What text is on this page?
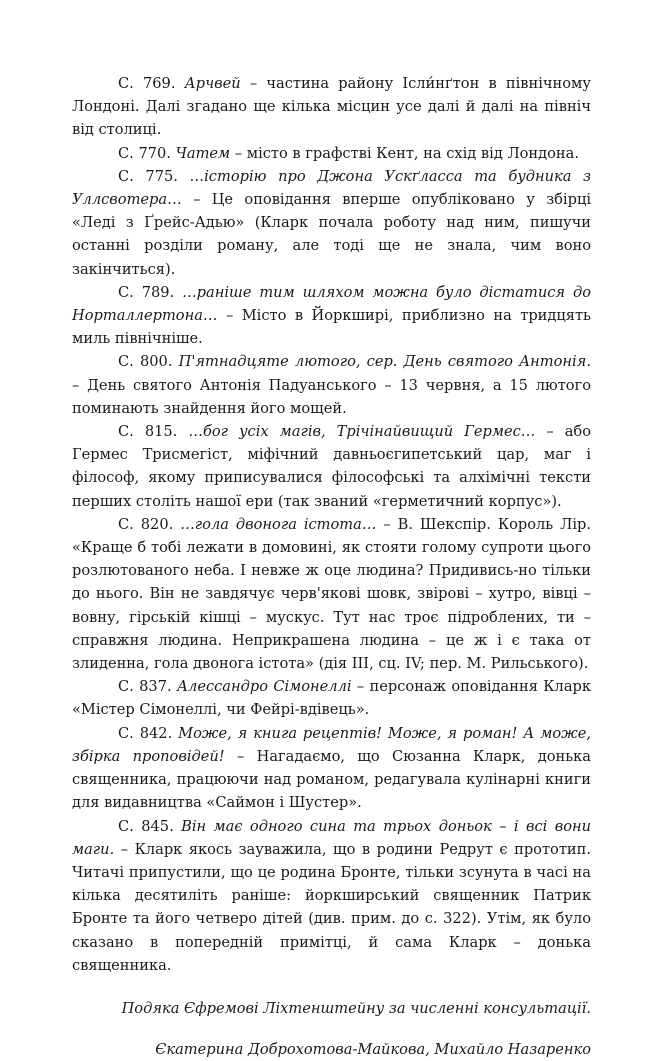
С. 769. Арчвей – частина району Ісли́нґтон в північному Лондоні. Далі згадано ще кілька місцин усе далі й далі на північ від столиці.

С. 770. Чатем – місто в графстві Кент, на схід від Лондона.

С. 775. …історію про Джона Ускґласса та будника з Уллсвотера… – Це оповідання вперше опубліковано у збірці «Леді з Ґрейс-Адью» (Кларк почала роботу над ним, пишучи останні розділи роману, але тоді ще не знала, чим воно закінчиться).

С. 789. …раніше тим шляхом можна було дістатися до Норталлертона… – Місто в Йоркширі, приблизно на тридцять миль північніше.

С. 800. П'ятнадцяте лютого, сер. День святого Антонія. – День святого Антонія Падуанського – 13 червня, а 15 лютого поминають знайдення його мощей.

С. 815. …бог усіх магів, Трічінайвищий Гермес… – або Гермес Трисмегіст, міфічний давньоєгипетський цар, маг і філософ, якому приписувалися філософські та алхімічні тексти перших століть нашої ери (так званий «герметичний корпус»).

С. 820. …гола двонога істота… – В. Шекспір. Король Лір. «Краще б тобі лежати в домовині, як стояти голому супроти цього розлютованого неба. І невже ж оце людина? Придивись-но тільки до нього. Він не завдячує черв'якові шовк, звірові – хутро, вівці – вовну, гірській кішці – мускус. Тут нас троє підроблених, ти – справжня людина. Неприкрашена людина – це ж і є така от злиденна, гола двонога істота» (дія III, сц. IV; пер. М. Рильського).

С. 837. Алессандро Сімонеллі – персонаж оповідання Кларк «Містер Сімонеллі, чи Фейрі-вдівець».

С. 842. Може, я книга рецептів! Може, я роман! А може, збірка проповідей! – Нагадаємо, що Сюзанна Кларк, донька священника, працюючи над романом, редагувала кулінарні книги для видавництва «Саймон і Шустер».

С. 845. Він має одного сина та трьох доньок – і всі вони маги. – Кларк якось зауважила, що в родини Редрут є прототип. Читачі припустили, що це родина Бронте, тільки зсунута в часі на кілька десятиліть раніше: йоркширський священник Патрик Бронте та його четверо дітей (див. прим. до с. 322). Утім, як було сказано в попередній примітці, й сама Кларк – донька священника.

Подяка Єфремові Ліхтенштейну за численні консультації.

Єкатерина Доброхотова-Майкова, Михайло Назаренко
